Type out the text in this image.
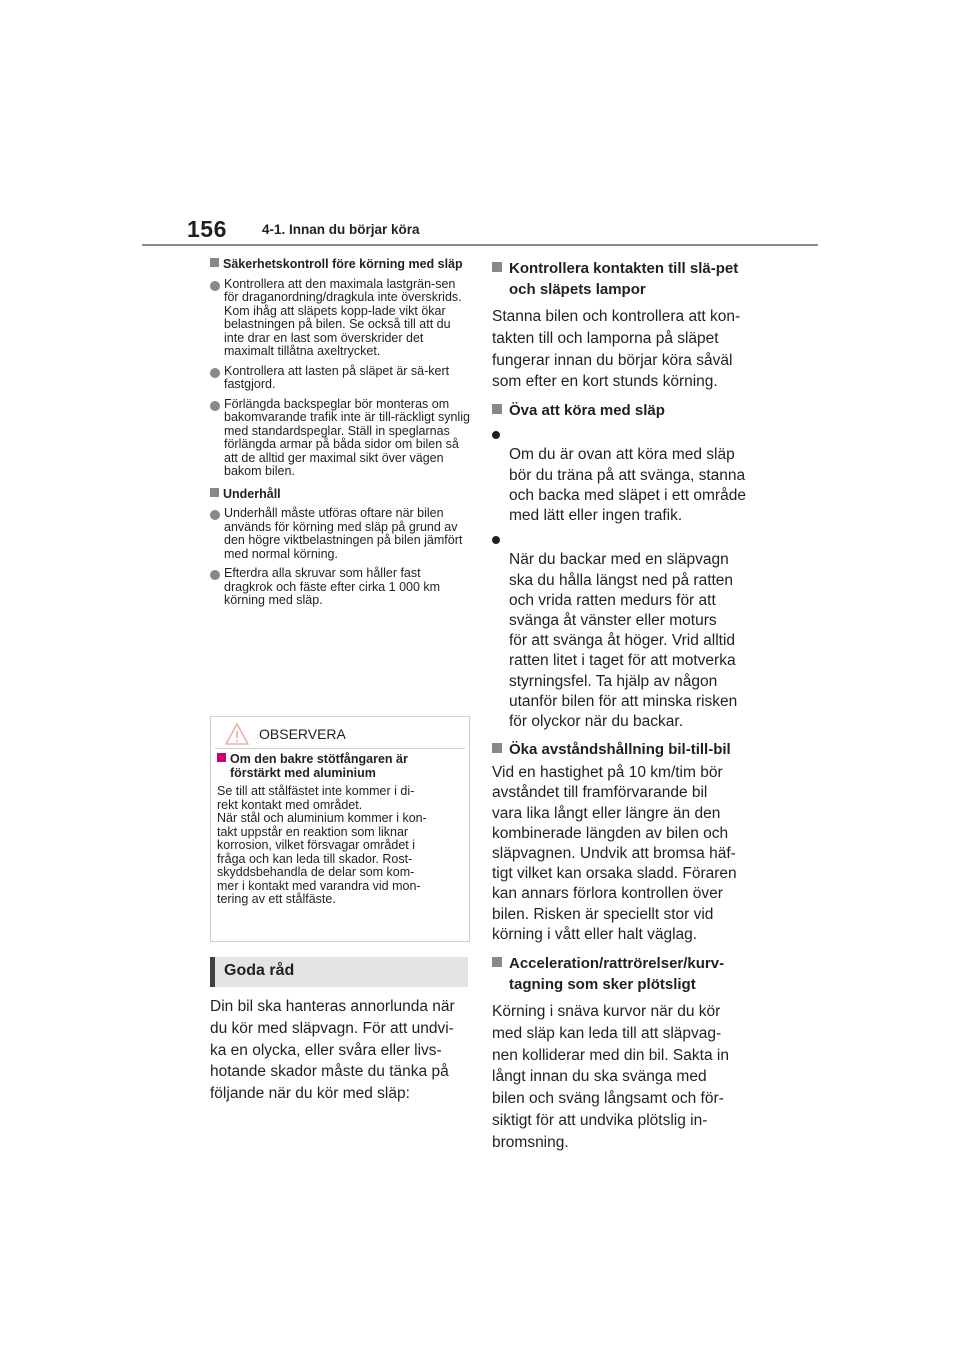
156	4-1. Innan du börjar köra
Säkerhetskontroll före körning med släp
Kontrollera att den maximala lastgrän-sen för draganordning/dragkula inte överskrids. Kom ihåg att släpets kopp-lade vikt ökar belastningen på bilen. Se också till att du inte drar en last som överskrider det maximalt tillåtna axeltrycket.
Kontrollera att lasten på släpet är sä-kert fastgjord.
Förlängda backspeglar bör monteras om bakomvarande trafik inte är till-räckligt synlig med standardspeglar. Ställ in speglarnas förlängda armar på båda sidor om bilen så att de alltid ger maximal sikt över vägen bakom bilen.
Underhåll
Underhåll måste utföras oftare när bilen används för körning med släp på grund av den högre viktbelastningen på bilen jämfört med normal körning.
Efterdra alla skruvar som håller fast dragkrok och fäste efter cirka 1 000 km körning med släp.
OBSERVERA
Om den bakre stötfångaren är förstärkt med aluminium
Se till att stålfästet inte kommer i di-
rekt kontakt med området.
När stål och aluminium kommer i kon-
takt uppstår en reaktion som liknar
korrosion, vilket försvagar området i
fråga och kan leda till skador. Rost-
skyddsbehandla de delar som kom-
mer i kontakt med varandra vid mon-
tering av ett stålfäste.
Goda råd
Din bil ska hanteras annorlunda när
du kör med släpvagn. För att undvi-
ka en olycka, eller svåra eller livs-
hotande skador måste du tänka på
följande när du kör med släp:
Kontrollera kontakten till slä-pet och släpets lampor
Stanna bilen och kontrollera att kon-
takten till och lamporna på släpet
fungerar innan du börjar köra såväl
som efter en kort stunds körning.
Öva att köra med släp

Om du är ovan att köra med släp
bör du träna på att svänga, stanna
och backa med släpet i ett område
med lätt eller ingen trafik.

När du backar med en släpvagn
ska du hålla längst ned på ratten
och vrida ratten medurs för att
svänga åt vänster eller moturs
för att svänga åt höger. Vrid alltid
ratten litet i taget för att motverka
styrningsfel. Ta hjälp av någon
utanför bilen för att minska risken
för olyckor när du backar.

Öka avståndshållning bil-till-bil
Vid en hastighet på 10 km/tim bör
avståndet till framförvarande bil
vara lika långt eller längre än den
kombinerade längden av bilen och
släpvagnen. Undvik att bromsa häf-
tigt vilket kan orsaka sladd. Föraren
kan annars förlora kontrollen över
bilen. Risken är speciellt stor vid
körning i vått eller halt väglag.
Acceleration/rattrörelser/kurv-tagning som sker plötsligt
Körning i snäva kurvor när du kör
med släp kan leda till att släpvag-
nen kolliderar med din bil. Sakta in
långt innan du ska svänga med
bilen och sväng långsamt och för-
siktigt för att undvika plötslig in-
bromsning.
